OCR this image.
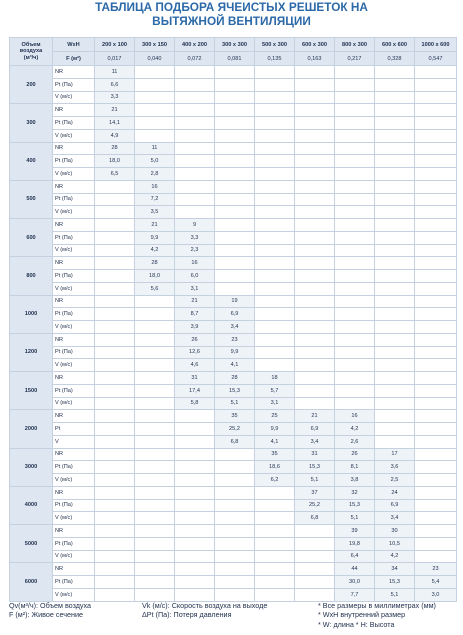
ТАБЛИЦА ПОДБОРА ЯЧЕИСТЫХ РЕШЕТОК НА
ВЫТЯЖНОЙ ВЕНТИЛЯЦИИ
Объем
воздуха
(м³/ч)	WxH	200 x 100	300 x 150	400 x 200	300 x 300	500 x 300	600 x 300	800 x 300	600 x 600	1000 x 600
	F (м²)	0,017	0,040	0,072	0,081	0,135	0,163	0,217	0,328	0,547
200	NR	11								
	Pt (Па)	6,6								
	V (м/с)	3,3								
300	NR	21								
	Pt (Па)	14,1								
	V (м/с)	4,9								
400	NR	28	11							
	Pt (Па)	18,0	5,0							
	V (м/с)	6,5	2,8							
500	NR		16							
	Pt (Па)		7,2							
	V (м/с)		3,5							
600	NR		21	9						
	Pt (Па)		9,9	3,3						
	V (м/с)		4,2	2,3						
800	NR		28	16						
	Pt (Па)		18,0	6,0						
	V (м/с)		5,6	3,1						
1000	NR			21	19					
	Pt (Па)			8,7	6,9					
	V (м/с)			3,9	3,4					
1200	NR			26	23					
	Pt (Па)			12,6	9,9					
	V (м/с)			4,6	4,1					
1500	NR			31	28	18				
	Pt (Па)			17,4	15,3	5,7				
	V (м/с)			5,8	5,1	3,1				
2000	NR				35	25	21	16		
	Pt				25,2	9,9	6,9	4,2		
	V				6,8	4,1	3,4	2,6		
3000	NR					35	31	26	17	
	Pt (Па)					18,6	15,3	8,1	3,6	
	V (м/с)					6,2	5,1	3,8	2,5	
4000	NR						37	32	24	
	Pt (Па)						25,2	15,3	6,9	
	V (м/с)						6,8	5,1	3,4	
5000	NR							39	30	
	Pt (Па)							19,8	10,5	
	V (м/с)							6,4	4,2	
6000	NR							44	34	23
	Pt (Па)							30,0	15,3	5,4
	V (м/с)							7,7	5,1	3,0
Qv(м³/ч): Объем воздуха
F (м²): Живое сечение
Vk (м/с): Скорость воздуха на выходе
ΔPt (Па): Потеря давления
* Все размеры в миллиметрах (мм)
* WxH внутренний размер
* W: длина * H: Высота
